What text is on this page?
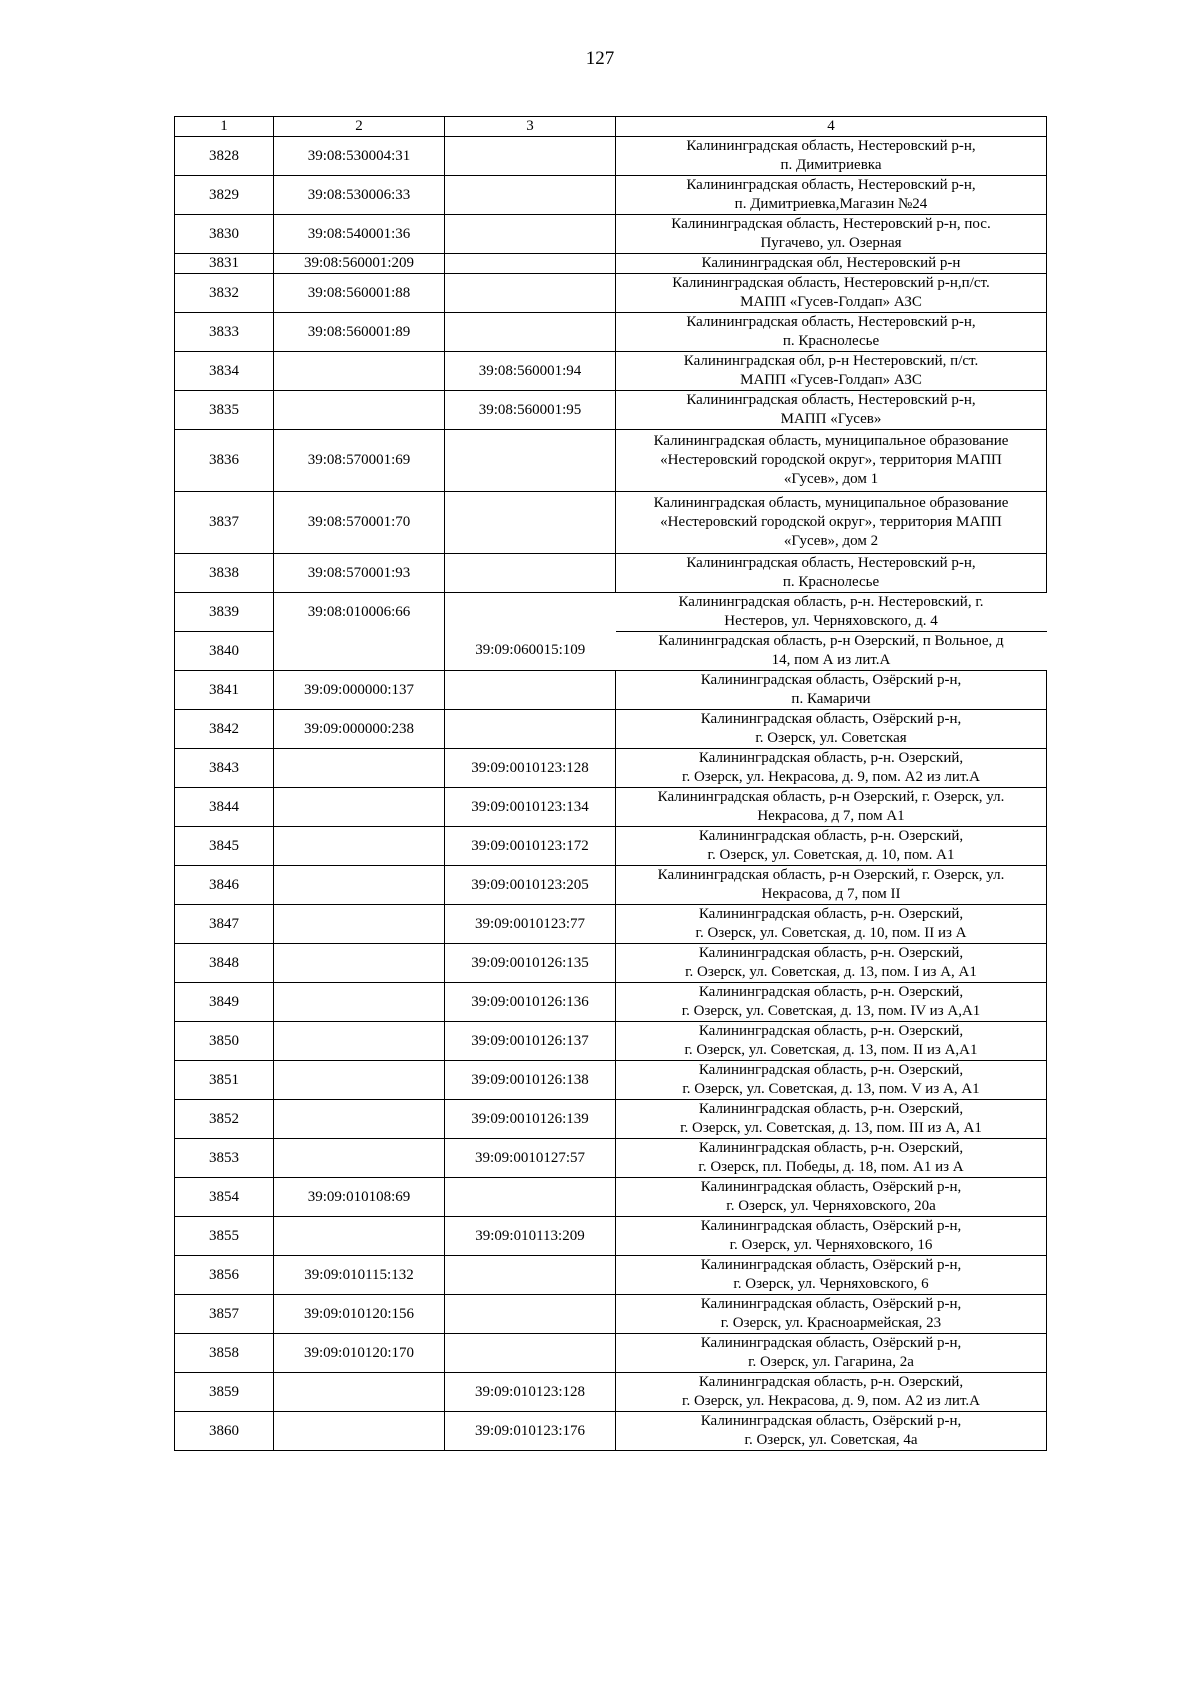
127
1	2	3	4
3828	39:08:530004:31		Калининградская область, Нестеровский р-н,
п. Димитриевка
3829	39:08:530006:33		Калининградская область, Нестеровский р-н,
п. Димитриевка,Магазин №24
3830	39:08:540001:36		Калининградская область, Нестеровский р-н, пос.
Пугачево, ул. Озерная
3831	39:08:560001:209		Калининградская обл, Нестеровский р-н
3832	39:08:560001:88		Калининградская область, Нестеровский р-н,п/ст.
МАПП «Гусев-Голдап» АЗС
3833	39:08:560001:89		Калининградская область, Нестеровский р-н,
п. Краснолесье
3834		39:08:560001:94	Калининградская обл, р-н Нестеровский, п/ст.
МАПП «Гусев-Голдап» АЗС
3835		39:08:560001:95	Калининградская область, Нестеровский р-н,
МАПП «Гусев»
3836	39:08:570001:69		Калининградская область, муниципальное образование
«Нестеровский городской округ», территория МАПП
«Гусев», дом 1
3837	39:08:570001:70		Калининградская область, муниципальное образование
«Нестеровский городской округ», территория МАПП
«Гусев», дом 2
3838	39:08:570001:93		Калининградская область, Нестеровский р-н,
п. Краснолесье
3839	39:08:010006:66		Калининградская область, р-н. Нестеровский, г.
Нестеров, ул. Черняховского, д. 4
3840		39:09:060015:109	Калининградская область, р-н Озерский, п Вольное, д
14, пом А из лит.А
3841	39:09:000000:137		Калининградская область, Озёрский р-н,
п. Камаричи
3842	39:09:000000:238		Калининградская область, Озёрский р-н,
г. Озерск, ул. Советская
3843		39:09:0010123:128	Калининградская область, р-н. Озерский,
г. Озерск, ул. Некрасова, д. 9, пом. А2 из лит.А
3844		39:09:0010123:134	Калининградская область, р-н Озерский, г. Озерск, ул.
Некрасова, д 7, пом А1
3845		39:09:0010123:172	Калининградская область, р-н. Озерский,
г. Озерск, ул. Советская, д. 10, пом. А1
3846		39:09:0010123:205	Калининградская область, р-н Озерский, г. Озерск, ул.
Некрасова, д 7, пом II
3847		39:09:0010123:77	Калининградская область, р-н. Озерский,
г. Озерск, ул. Советская, д. 10, пом. II из А
3848		39:09:0010126:135	Калининградская область, р-н. Озерский,
г. Озерск, ул. Советская, д. 13, пом. I из А, А1
3849		39:09:0010126:136	Калининградская область, р-н. Озерский,
г. Озерск, ул. Советская, д. 13, пом. IV из А,А1
3850		39:09:0010126:137	Калининградская область, р-н. Озерский,
г. Озерск, ул. Советская, д. 13, пом. II из А,А1
3851		39:09:0010126:138	Калининградская область, р-н. Озерский,
г. Озерск, ул. Советская, д. 13, пом. V из А, А1
3852		39:09:0010126:139	Калининградская область, р-н. Озерский,
г. Озерск, ул. Советская, д. 13, пом. III из А, А1
3853		39:09:0010127:57	Калининградская область, р-н. Озерский,
г. Озерск, пл. Победы, д. 18, пом. А1 из А
3854	39:09:010108:69		Калининградская область, Озёрский р-н,
г. Озерск, ул. Черняховского, 20а
3855		39:09:010113:209	Калининградская область, Озёрский р-н,
г. Озерск, ул. Черняховского, 16
3856	39:09:010115:132		Калининградская область, Озёрский р-н,
г. Озерск, ул. Черняховского, 6
3857	39:09:010120:156		Калининградская область, Озёрский р-н,
г. Озерск, ул. Красноармейская, 23
3858	39:09:010120:170		Калининградская область, Озёрский р-н,
г. Озерск, ул. Гагарина, 2а
3859		39:09:010123:128	Калининградская область, р-н. Озерский,
г. Озерск, ул. Некрасова, д. 9, пом. А2 из лит.А
3860		39:09:010123:176	Калининградская область, Озёрский р-н,
г. Озерск, ул. Советская, 4а
